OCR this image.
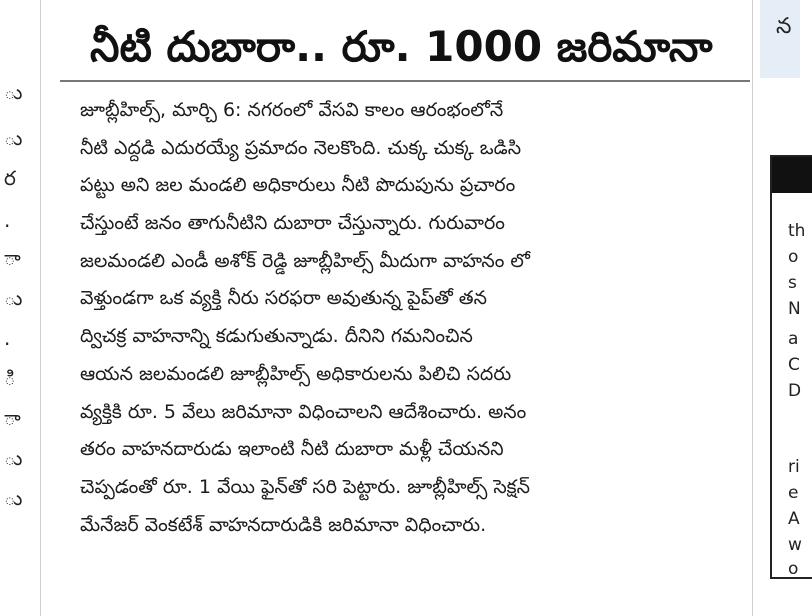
ు
ు
ర
.
ా
ు
.
ి
ా
ు
ు
నీటి దుబారా.. రూ. 1000 జరిమానా
జూబ్లీహిల్స్, మార్చి 6: నగరంలో వేసవి కాలం ఆరంభంలోనే
నీటి ఎద్దడి ఎదురయ్యే ప్రమాదం నెలకొంది. చుక్క చుక్క ఒడిసి
పట్టు అని జల మండలి అధికారులు నీటి పొదుపును ప్రచారం
చేస్తుంటే జనం తాగునీటిని దుబారా చేస్తున్నారు. గురువారం
జలమండలి ఎండీ అశోక్ రెడ్డి జూబ్లీహిల్స్ మీదుగా వాహనం లో
వెళ్తుండగా ఒక వ్యక్తి నీరు సరఫరా అవుతున్న పైప్‌తో తన
ద్విచక్ర వాహనాన్ని కడుగుతున్నాడు. దీనిని గమనించిన
ఆయన జలమండలి జూబ్లీహిల్స్ అధికారులను పిలిచి సదరు
వ్యక్తికి రూ. 5 వేలు జరిమానా విధించాలని ఆదేశించారు. అనం
తరం వాహనదారుడు ఇలాంటి నీటి దుబారా మళ్లీ చేయనని
చెప్పడంతో రూ. 1 వేయి ఫైన్‌తో సరి పెట్టారు. జూబ్లీహిల్స్ సెక్షన్
మేనేజర్ వెంకటేశ్ వాహనదారుడికి జరిమానా విధించారు.
న
th
o
s
N
a
C
D
ri
e
A
w
o
